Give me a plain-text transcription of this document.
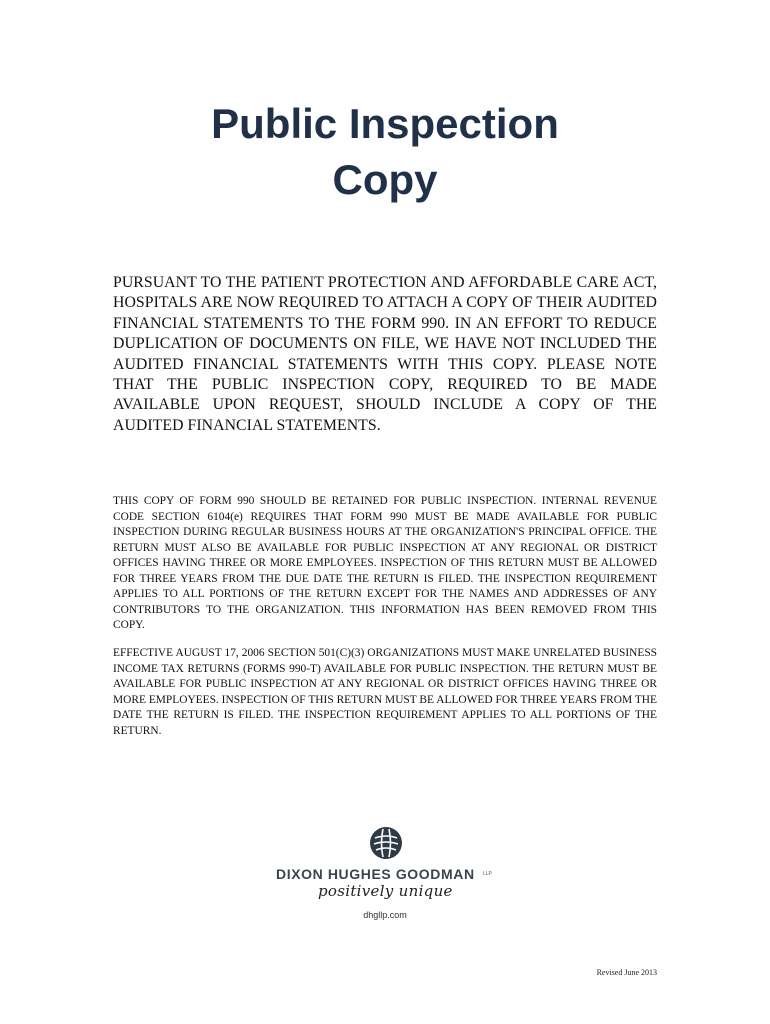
Public Inspection
Copy
PURSUANT TO THE PATIENT PROTECTION AND AFFORDABLE CARE ACT, HOSPITALS ARE NOW REQUIRED TO ATTACH A COPY OF THEIR AUDITED FINANCIAL STATEMENTS TO THE FORM 990. IN AN EFFORT TO REDUCE DUPLICATION OF DOCUMENTS ON FILE, WE HAVE NOT INCLUDED THE AUDITED FINANCIAL STATEMENTS WITH THIS COPY. PLEASE NOTE THAT THE PUBLIC INSPECTION COPY, REQUIRED TO BE MADE AVAILABLE UPON REQUEST, SHOULD INCLUDE A COPY OF THE AUDITED FINANCIAL STATEMENTS.
THIS COPY OF FORM 990 SHOULD BE RETAINED FOR PUBLIC INSPECTION. INTERNAL REVENUE CODE SECTION 6104(e) REQUIRES THAT FORM 990 MUST BE MADE AVAILABLE FOR PUBLIC INSPECTION DURING REGULAR BUSINESS HOURS AT THE ORGANIZATION'S PRINCIPAL OFFICE. THE RETURN MUST ALSO BE AVAILABLE FOR PUBLIC INSPECTION AT ANY REGIONAL OR DISTRICT OFFICES HAVING THREE OR MORE EMPLOYEES. INSPECTION OF THIS RETURN MUST BE ALLOWED FOR THREE YEARS FROM THE DUE DATE THE RETURN IS FILED. THE INSPECTION REQUIREMENT APPLIES TO ALL PORTIONS OF THE RETURN EXCEPT FOR THE NAMES AND ADDRESSES OF ANY CONTRIBUTORS TO THE ORGANIZATION. THIS INFORMATION HAS BEEN REMOVED FROM THIS COPY.
EFFECTIVE AUGUST 17, 2006 SECTION 501(C)(3) ORGANIZATIONS MUST MAKE UNRELATED BUSINESS INCOME TAX RETURNS (FORMS 990-T) AVAILABLE FOR PUBLIC INSPECTION. THE RETURN MUST BE AVAILABLE FOR PUBLIC INSPECTION AT ANY REGIONAL OR DISTRICT OFFICES HAVING THREE OR MORE EMPLOYEES. INSPECTION OF THIS RETURN MUST BE ALLOWED FOR THREE YEARS FROM THE DATE THE RETURN IS FILED. THE INSPECTION REQUIREMENT APPLIES TO ALL PORTIONS OF THE RETURN.
DIXON HUGHES GOODMAN LLP
positively unique
dhgllp.com
Revised June 2013
